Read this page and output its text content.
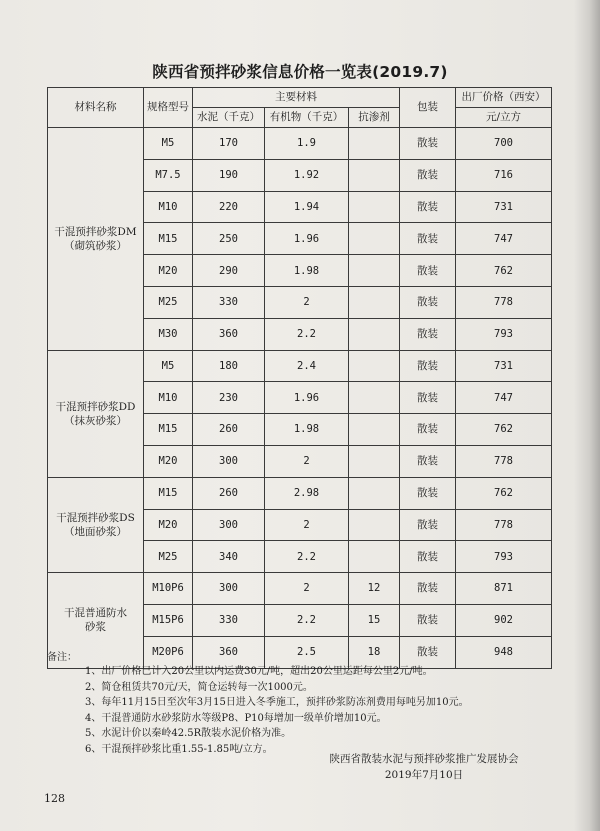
陕西省预拌砂浆信息价格一览表(2019.7)
材料名称	规格型号	主要材料			包装	出厂价格（西安）
		水泥（千克）	有机物（千克）	抗渗剂		元/立方

干混预拌砂浆DM
（砌筑砂浆）	M5	170	1.9		散装	700
	M7.5	190	1.92		散装	716
	M10	220	1.94		散装	731
	M15	250	1.96		散装	747
	M20	290	1.98		散装	762
	M25	330	2		散装	778
	M30	360	2.2		散装	793

干混预拌砂浆DD
（抹灰砂浆）	M5	180	2.4		散装	731
	M10	230	1.96		散装	747
	M15	260	1.98		散装	762
	M20	300	2		散装	778

干混预拌砂浆DS
（地面砂浆）	M15	260	2.98		散装	762
	M20	300	2		散装	778
	M25	340	2.2		散装	793

干混普通防水
砂浆	M10P6	300	2	12	散装	871
	M15P6	330	2.2	15	散装	902
	M20P6	360	2.5	18	散装	948
备注：
1、出厂价格已计入20公里以内运费30元/吨，超出20公里运距每公里2元/吨。
2、简仓租赁共70元/天，简仓运转每一次1000元。
3、每年11月15日至次年3月15日进入冬季施工，预拌砂浆防冻剂费用每吨另加10元。
4、干混普通防水砂浆防水等级P8、P10每增加一级单价增加10元。
5、水泥计价以秦岭42.5R散装水泥价格为准。
6、干混预拌砂浆比重1.55-1.85吨/立方。
陕西省散装水泥与预拌砂浆推广发展协会
2019年7月10日
128
